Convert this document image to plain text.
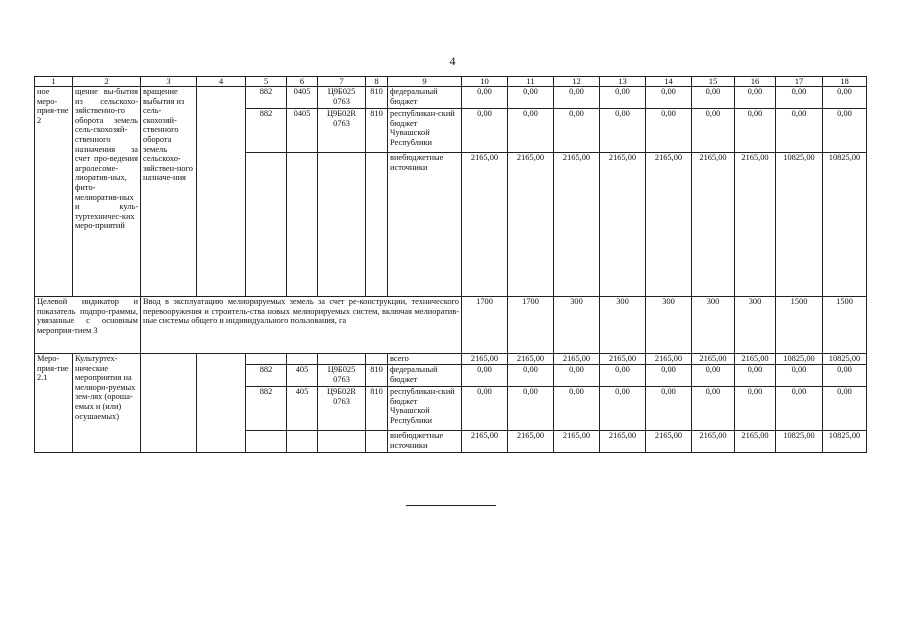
4
1	2	3	4	5	6	7	8	9	10	11	12	13	14	15	16	17	18
ное меро-прия-тие 2	щение вы-бытия из сельскохо-зяйственно-го оборота земель сель-скохозяй-ственного назначения за счет про-ведения агролесоме-лиоратив-ных, фито-мелиоратив-ных и куль-туртехничес-ких меро-приятий	вращение выбытия из сель-скохозяй-ственного оборота земель сельскохо-зяйствен-ного назначе-ния		882	0405	Ц9Б025 0763	810	федеральный бюджет	0,00	0,00	0,00	0,00	0,00	0,00	0,00	0,00	0,00
				882	0405	Ц9Б02R 0763	810	республикан-ский бюджет Чувашской Республики	0,00	0,00	0,00	0,00	0,00	0,00	0,00	0,00	0,00
								внебюджетные источники	2165,00	2165,00	2165,00	2165,00	2165,00	2165,00	2165,00	10825,00	10825,00
Целевой индикатор и показатель подпро-граммы, увязанные с основным мероприя-тием 3		Ввод в эксплуатацию мелиорируемых земель за счет ре-конструкции, технического перевооружения и строитель-ства новых мелиорируемых систем, включая мелиоратив-ные системы общего и индивидуального пользования, га							1700	1700	300	300	300	300	300	1500	1500
Меро-прия-тие 2.1	Культуртех-нические мероприятия на мелиори-руемых зем-лях (ороша-емых и (или) осушаемых)							всего	2165,00	2165,00	2165,00	2165,00	2165,00	2165,00	2165,00	10825,00	10825,00
				882	405	Ц9Б025 0763	810	федеральный бюджет	0,00	0,00	0,00	0,00	0,00	0,00	0,00	0,00	0,00
				882	405	Ц9Б02R 0763	810	республикан-ский бюджет Чувашской Республики	0,00	0,00	0,00	0,00	0,00	0,00	0,00	0,00	0,00
								внебюджетные источники	2165,00	2165,00	2165,00	2165,00	2165,00	2165,00	2165,00	10825,00	10825,00
